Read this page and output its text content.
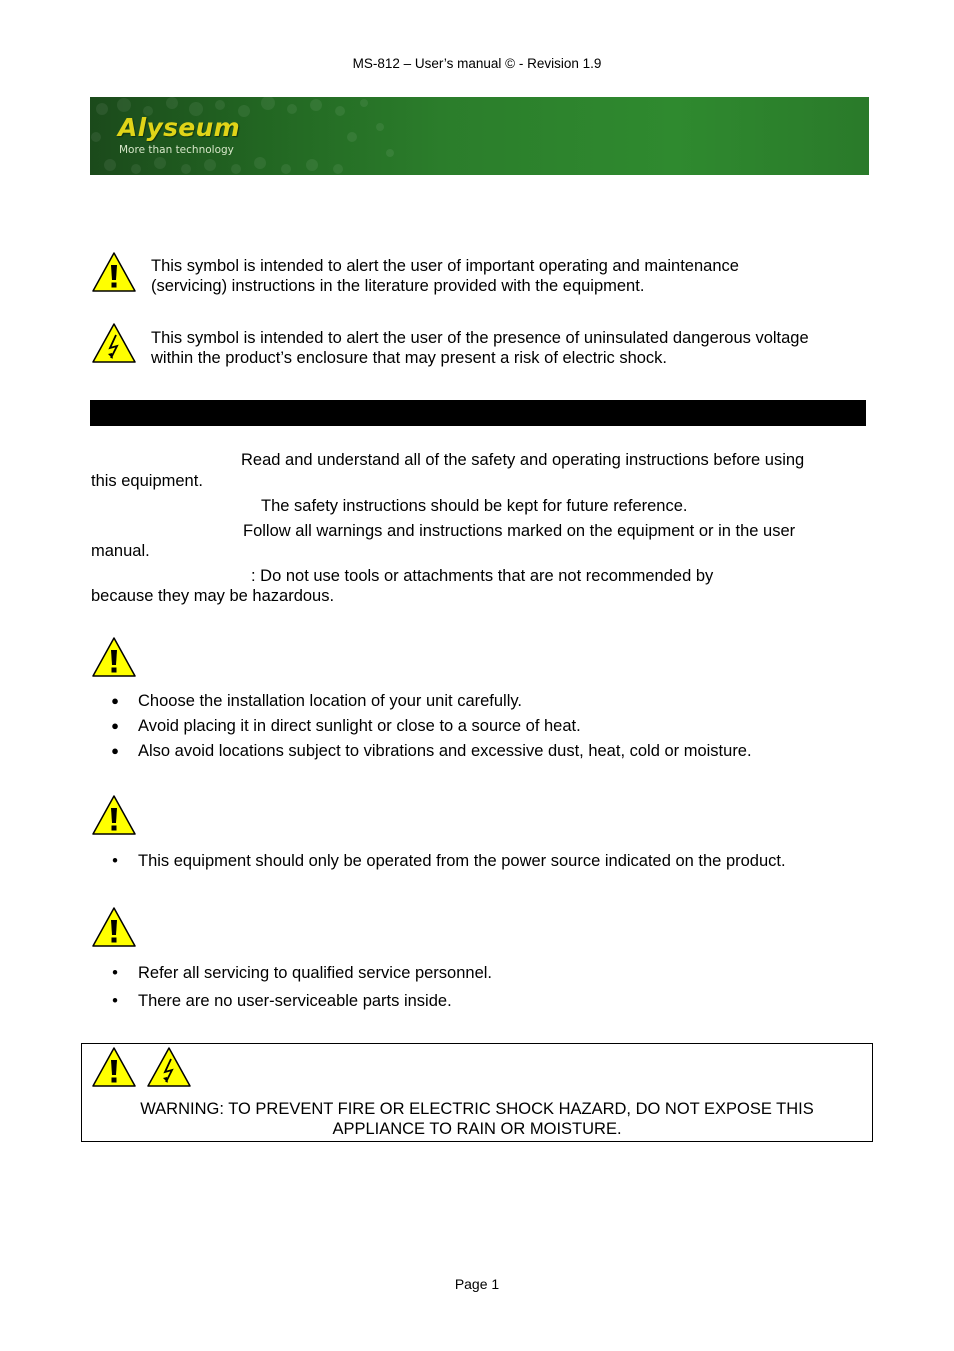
MS-812 – User’s manual © - Revision 1.9
Alyseum
More than technology
This symbol is intended to alert the user of important operating and maintenance
(servicing) instructions in the literature provided with the equipment.
This symbol is intended to alert the user of the presence of uninsulated dangerous voltage
within the product’s enclosure that may present a risk of electric shock.
Read and understand all of the safety and operating instructions before using
this equipment.
The safety instructions should be kept for future reference.
Follow all warnings and instructions marked on the equipment or in the user
manual.
: Do not use tools or attachments that are not recommended by
because they may be hazardous.
● Choose the installation location of your unit carefully.
● Avoid placing it in direct sunlight or close to a source of heat.
● Also avoid locations subject to vibrations and excessive dust, heat, cold or moisture.
• This equipment should only be operated from the power source indicated on the product.
• Refer all servicing to qualified service personnel.
• There are no user-serviceable parts inside.
WARNING: TO PREVENT FIRE OR ELECTRIC SHOCK HAZARD, DO NOT EXPOSE THIS
APPLIANCE TO RAIN OR MOISTURE.
Page 1
